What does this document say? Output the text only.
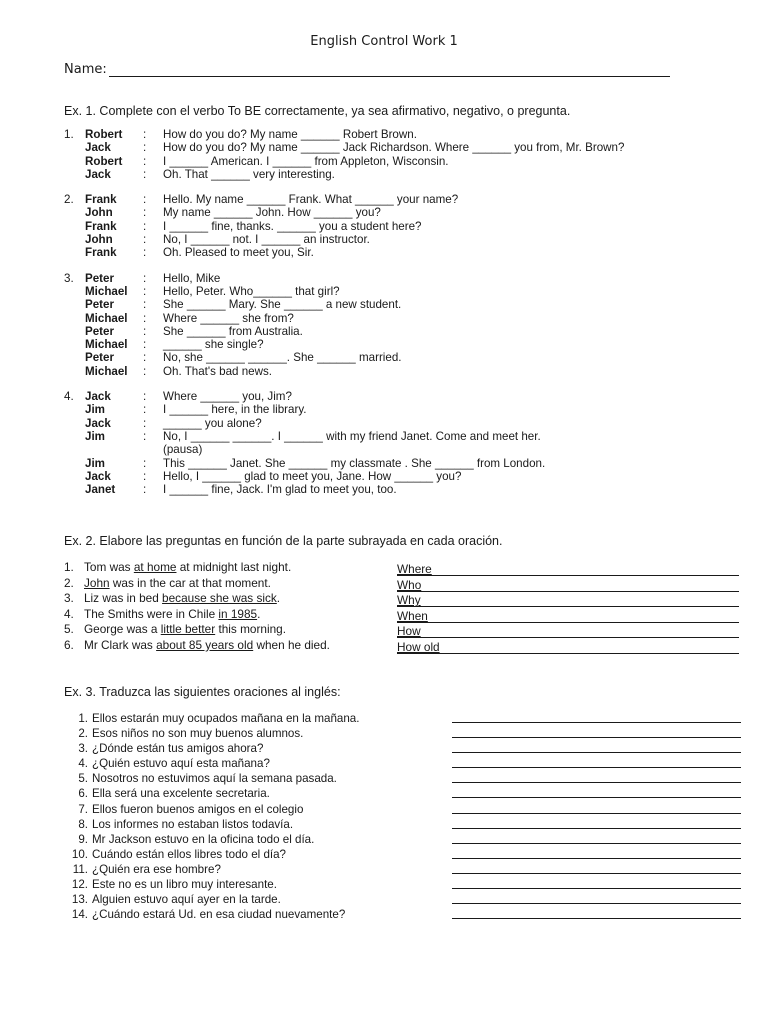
English Control Work 1
Name:
Ex. 1. Complete con el verbo To BE correctamente, ya sea afirmativo, negativo, o pregunta.
1. Robert	:	How do you do? My name ______ Robert Brown.
Jack	:	How do you do? My name ______ Jack Richardson. Where ______ you from, Mr. Brown?
Robert	:	I ______ American. I ______ from Appleton, Wisconsin.
Jack	:	Oh. That ______ very interesting.
2. Frank	:	Hello. My name ______ Frank. What ______ your name?
John	:	My name ______ John. How ______ you?
Frank	:	I ______ fine, thanks. ______ you a student here?
John	:	No, I ______ not. I ______ an instructor.
Frank	:	Oh. Pleased to meet you, Sir.
3. Peter	:	Hello, Mike
Michael	:	Hello, Peter. Who______ that girl?
Peter	:	She ______ Mary. She ______ a new student.
Michael	:	Where ______ she from?
Peter	:	She ______ from Australia.
Michael	:	______ she single?
Peter	:	No, she ______ ______. She ______ married.
Michael	:	Oh. That's bad news.
4. Jack	:	Where ______ you, Jim?
Jim	:	I ______ here, in the library.
Jack	:	______ you alone?
Jim	:	No, I ______ ______. I ______ with my friend Janet. Come and meet her.
(pausa)
Jim	:	This ______ Janet. She ______ my classmate . She ______ from London.
Jack	:	Hello, I ______ glad to meet you, Jane. How ______ you?
Janet	:	I ______ fine, Jack. I'm glad to meet you, too.
Ex. 2. Elabore las preguntas en función de la parte subrayada en cada oración.
1. Tom was at home at midnight last night.	Where
2. John was in the car at that moment.	Who
3. Liz was in bed because she was sick.	Why
4. The Smiths were in Chile in 1985.	When
5. George was a little better this morning.	How
6. Mr Clark was about 85 years old when he died.	How old
Ex. 3. Traduzca las siguientes oraciones al inglés:
1. Ellos estarán muy ocupados mañana en la mañana.
2. Esos niños no son muy buenos alumnos.
3. ¿Dónde están tus amigos ahora?
4. ¿Quién estuvo aquí esta mañana?
5. Nosotros no estuvimos aquí la semana pasada.
6. Ella será una excelente secretaria.
7. Ellos fueron buenos amigos en el colegio
8. Los informes no estaban listos todavía.
9. Mr Jackson estuvo en la oficina todo el día.
10. Cuándo están ellos libres todo el día?
11. ¿Quién era ese hombre?
12. Este no es un libro muy interesante.
13. Alguien estuvo aquí ayer en la tarde.
14. ¿Cuándo estará Ud. en esa ciudad nuevamente?
